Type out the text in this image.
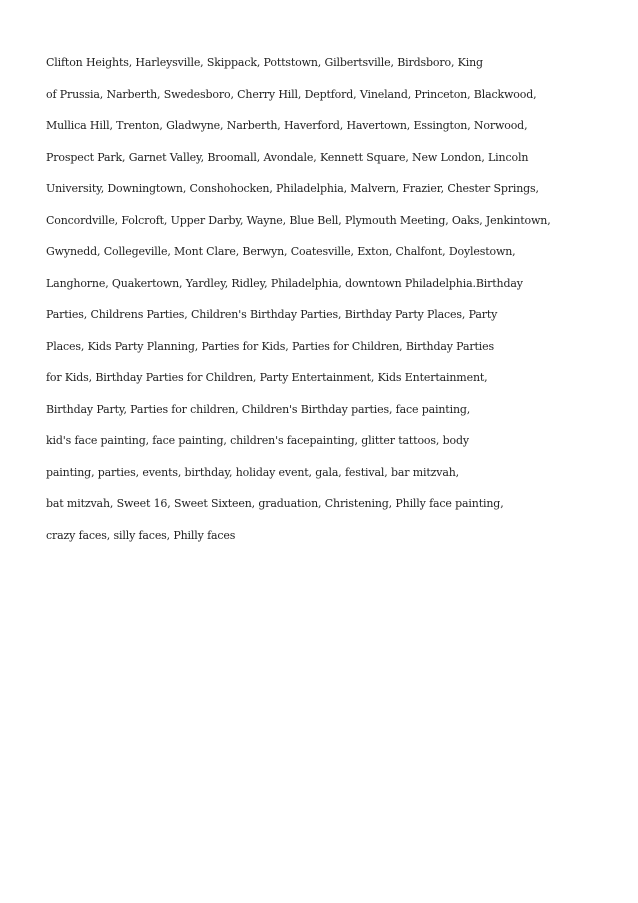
Clifton Heights, Harleysville, Skippack, Pottstown, Gilbertsville, Birdsboro, King
of Prussia, Narberth, Swedesboro, Cherry Hill, Deptford, Vineland, Princeton, Blackwood,
Mullica Hill, Trenton, Gladwyne, Narberth, Haverford, Havertown, Essington, Norwood,
Prospect Park, Garnet Valley, Broomall, Avondale, Kennett Square, New London, Lincoln
University, Downingtown, Conshohocken, Philadelphia, Malvern, Frazier, Chester Springs,
Concordville, Folcroft, Upper Darby, Wayne, Blue Bell, Plymouth Meeting, Oaks, Jenkintown,
Gwynedd, Collegeville, Mont Clare, Berwyn, Coatesville, Exton, Chalfont, Doylestown,
Langhorne, Quakertown, Yardley, Ridley, Philadelphia, downtown Philadelphia.Birthday
Parties, Childrens Parties, Children's Birthday Parties, Birthday Party Places, Party
Places, Kids Party Planning, Parties for Kids, Parties for Children, Birthday Parties
for Kids, Birthday Parties for Children, Party Entertainment, Kids Entertainment,
Birthday Party, Parties for children, Children's Birthday parties, face painting,
kid's face painting, face painting, children's facepainting, glitter tattoos, body
painting, parties, events, birthday, holiday event, gala, festival, bar mitzvah,
bat mitzvah, Sweet 16, Sweet Sixteen, graduation, Christening, Philly face painting,
crazy faces, silly faces, Philly faces
